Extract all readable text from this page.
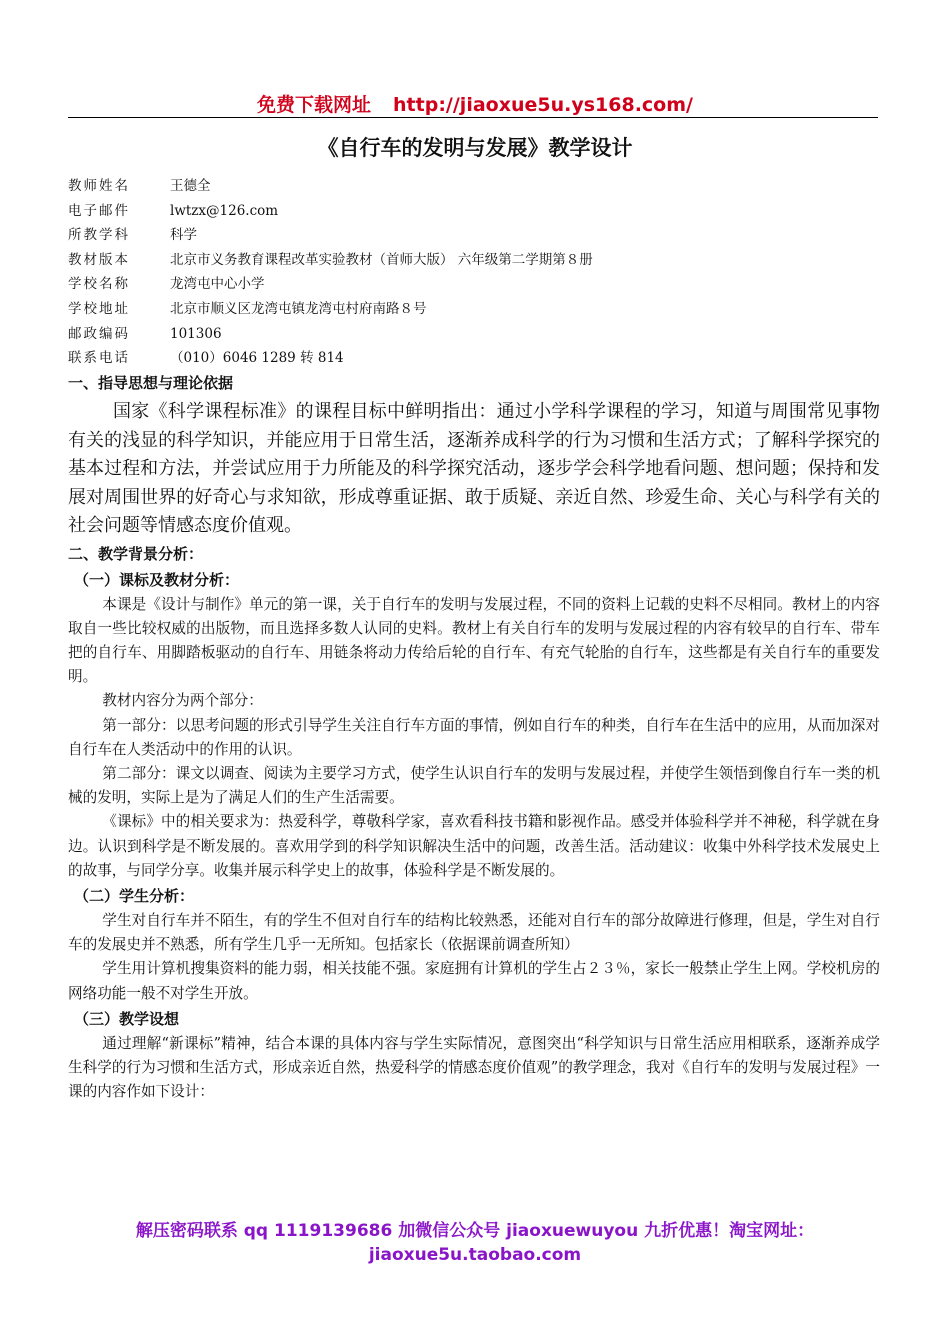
免费下载网址 http://jiaoxue5u.ys168.com/
《自行车的发明与发展》教学设计
教师姓名	王德全
电子邮件	lwtzx@126.com
所教学科	科学
教材版本	北京市义务教育课程改革实验教材（首师大版） 六年级第二学期第８册
学校名称	龙湾屯中心小学
学校地址	北京市顺义区龙湾屯镇龙湾屯村府南路８号
邮政编码	101306
联系电话	（010）6046 1289 转 814
一、指导思想与理论依据

国家《科学课程标准》的课程目标中鲜明指出：通过小学科学课程的学习，知道与周围常见事物有关的浅显的科学知识，并能应用于日常生活，逐渐养成科学的行为习惯和生活方式；了解科学探究的基本过程和方法，并尝试应用于力所能及的科学探究活动，逐步学会科学地看问题、想问题；保持和发展对周围世界的好奇心与求知欲，形成尊重证据、敢于质疑、亲近自然、珍爱生命、关心与科学有关的社会问题等情感态度价值观。

二、教学背景分析：
（一）课标及教材分析：

本课是《设计与制作》单元的第一课，关于自行车的发明与发展过程，不同的资料上记载的史料不尽相同。教材上的内容取自一些比较权威的出版物，而且选择多数人认同的史料。教材上有关自行车的发明与发展过程的内容有较早的自行车、带车把的自行车、用脚踏板驱动的自行车、用链条将动力传给后轮的自行车、有充气轮胎的自行车，这些都是有关自行车的重要发明。

教材内容分为两个部分：

第一部分：以思考问题的形式引导学生关注自行车方面的事情，例如自行车的种类，自行车在生活中的应用，从而加深对自行车在人类活动中的作用的认识。

第二部分：课文以调查、阅读为主要学习方式，使学生认识自行车的发明与发展过程，并使学生领悟到像自行车一类的机械的发明，实际上是为了满足人们的生产生活需要。

《课标》中的相关要求为：热爱科学，尊敬科学家，喜欢看科技书籍和影视作品。感受并体验科学并不神秘，科学就在身边。认识到科学是不断发展的。喜欢用学到的科学知识解决生活中的问题，改善生活。活动建议：收集中外科学技术发展史上的故事，与同学分享。收集并展示科学史上的故事，体验科学是不断发展的。

（二）学生分析：

学生对自行车并不陌生，有的学生不但对自行车的结构比较熟悉，还能对自行车的部分故障进行修理，但是，学生对自行车的发展史并不熟悉，所有学生几乎一无所知。包括家长（依据课前调查所知）

学生用计算机搜集资料的能力弱，相关技能不强。家庭拥有计算机的学生占２３％，家长一般禁止学生上网。学校机房的网络功能一般不对学生开放。

（三）教学设想

通过理解“新课标”精神，结合本课的具体内容与学生实际情况，意图突出“科学知识与日常生活应用相联系，逐渐养成学生科学的行为习惯和生活方式，形成亲近自然，热爱科学的情感态度价值观”的教学理念，我对《自行车的发明与发展过程》一课的内容作如下设计：

解压密码联系 qq 1119139686 加微信公众号 jiaoxuewuyou 九折优惠！淘宝网址：
jiaoxue5u.taobao.com
